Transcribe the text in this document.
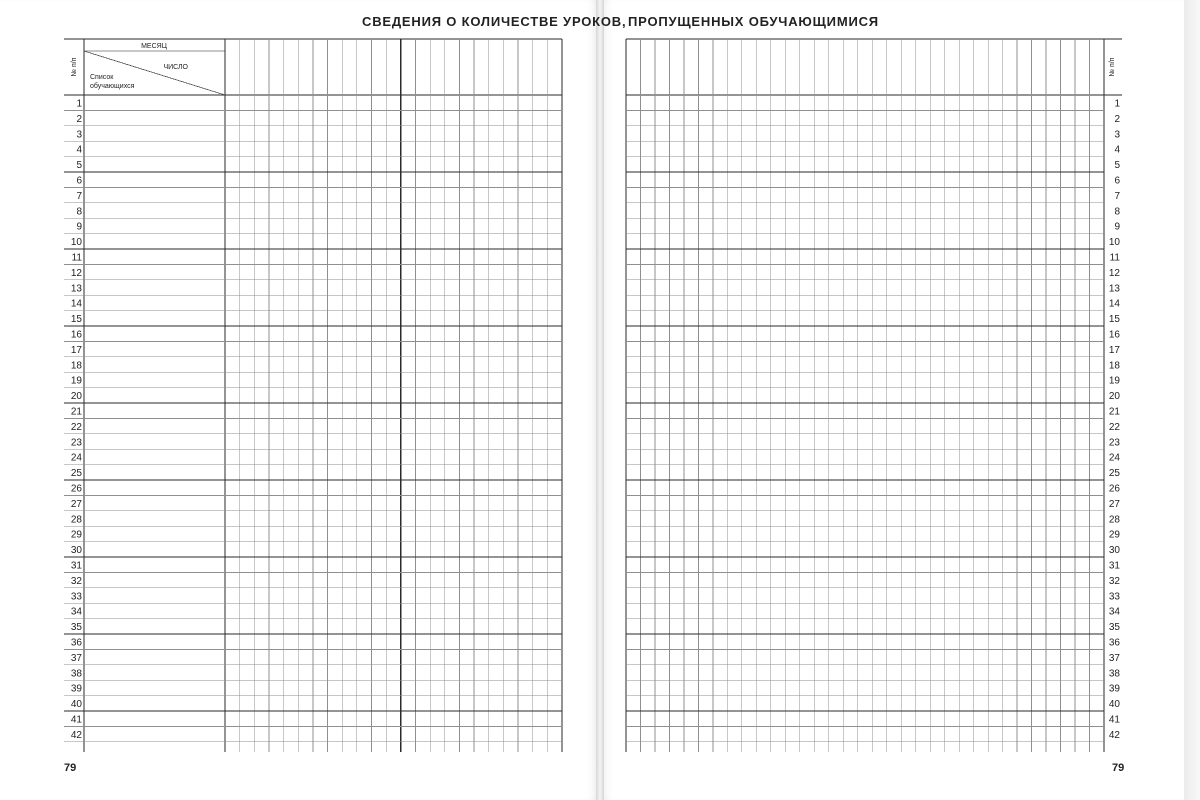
СВЕДЕНИЯ О КОЛИЧЕСТВЕ УРОКОВ, ПРОПУЩЕННЫХ ОБУЧАЮЩИМИСЯ
МЕСЯЦ
ЧИСЛО
Список
обучающихся
№ п/п
1
2
3
4
5
6
7
8
9
10
11
12
13
14
15
16
17
18
19
20
21
22
23
24
25
26
27
28
29
30
31
32
33
34
35
36
37
38
39
40
41
42
№ п/п
1
2
3
4
5
6
7
8
9
10
11
12
13
14
15
16
17
18
19
20
21
22
23
24
25
26
27
28
29
30
31
32
33
34
35
36
37
38
39
40
41
42
79	79
